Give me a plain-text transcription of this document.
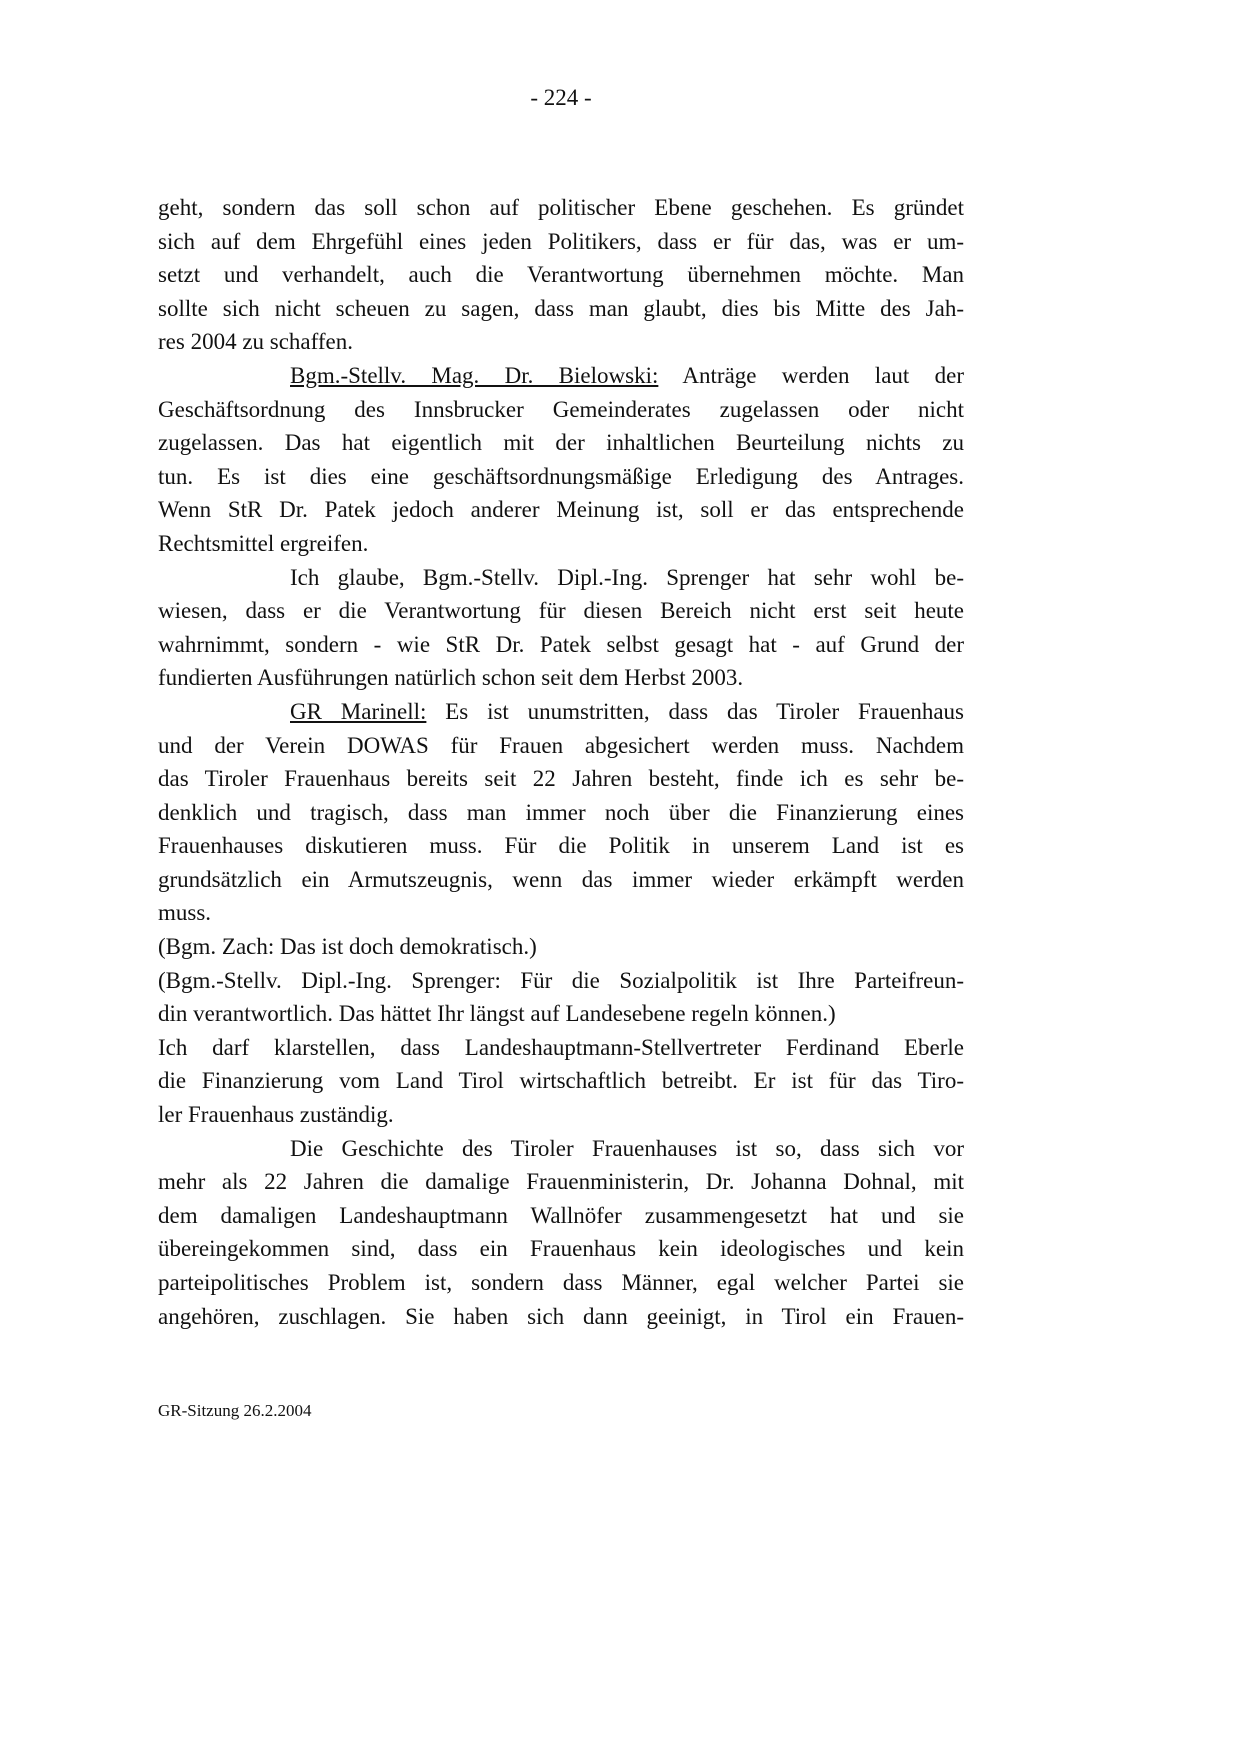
- 224 -
geht, sondern das soll schon auf politischer Ebene geschehen. Es gründet
sich auf dem Ehrgefühl eines jeden Politikers, dass er für das, was er um-
setzt und verhandelt, auch die Verantwortung übernehmen möchte. Man
sollte sich nicht scheuen zu sagen, dass man glaubt, dies bis Mitte des Jah-
res 2004 zu schaffen.
Bgm.-Stellv. Mag. Dr. Bielowski: Anträge werden laut der
Geschäftsordnung des Innsbrucker Gemeinderates zugelassen oder nicht
zugelassen. Das hat eigentlich mit der inhaltlichen Beurteilung nichts zu
tun. Es ist dies eine geschäftsordnungsmäßige Erledigung des Antrages.
Wenn StR Dr. Patek jedoch anderer Meinung ist, soll er das entsprechende
Rechtsmittel ergreifen.
Ich glaube, Bgm.-Stellv. Dipl.-Ing. Sprenger hat sehr wohl be-
wiesen, dass er die Verantwortung für diesen Bereich nicht erst seit heute
wahrnimmt, sondern - wie StR Dr. Patek selbst gesagt hat - auf Grund der
fundierten Ausführungen natürlich schon seit dem Herbst 2003.
GR Marinell: Es ist unumstritten, dass das Tiroler Frauenhaus
und der Verein DOWAS für Frauen abgesichert werden muss. Nachdem
das Tiroler Frauenhaus bereits seit 22 Jahren besteht, finde ich es sehr be-
denklich und tragisch, dass man immer noch über die Finanzierung eines
Frauenhauses diskutieren muss. Für die Politik in unserem Land ist es
grundsätzlich ein Armutszeugnis, wenn das immer wieder erkämpft werden
muss.
(Bgm. Zach: Das ist doch demokratisch.)
(Bgm.-Stellv. Dipl.-Ing. Sprenger: Für die Sozialpolitik ist Ihre Parteifreun-
din verantwortlich. Das hättet Ihr längst auf Landesebene regeln können.)
Ich darf klarstellen, dass Landeshauptmann-Stellvertreter Ferdinand Eberle
die Finanzierung vom Land Tirol wirtschaftlich betreibt. Er ist für das Tiro-
ler Frauenhaus zuständig.
Die Geschichte des Tiroler Frauenhauses ist so, dass sich vor
mehr als 22 Jahren die damalige Frauenministerin, Dr. Johanna Dohnal, mit
dem damaligen Landeshauptmann Wallnöfer zusammengesetzt hat und sie
übereingekommen sind, dass ein Frauenhaus kein ideologisches und kein
parteipolitisches Problem ist, sondern dass Männer, egal welcher Partei sie
angehören, zuschlagen. Sie haben sich dann geeinigt, in Tirol ein Frauen-
GR-Sitzung 26.2.2004
